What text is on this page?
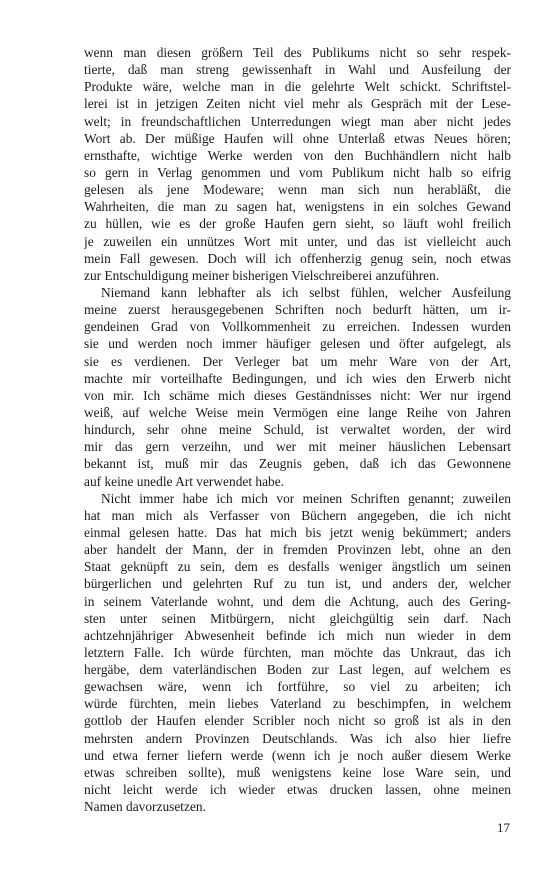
wenn man diesen größern Teil des Publikums nicht so sehr respek-
tierte, daß man streng gewissenhaft in Wahl und Ausfeilung der
Produkte wäre, welche man in die gelehrte Welt schickt. Schriftstel-
lerei ist in jetzigen Zeiten nicht viel mehr als Gespräch mit der Lese-
welt; in freundschaftlichen Unterredungen wiegt man aber nicht jedes
Wort ab. Der müßige Haufen will ohne Unterlaß etwas Neues hören;
ernsthafte, wichtige Werke werden von den Buchhändlern nicht halb
so gern in Verlag genommen und vom Publikum nicht halb so eifrig
gelesen als jene Modeware; wenn man sich nun herabläßt, die
Wahrheiten, die man zu sagen hat, wenigstens in ein solches Gewand
zu hüllen, wie es der große Haufen gern sieht, so läuft wohl freilich
je zuweilen ein unnützes Wort mit unter, und das ist vielleicht auch
mein Fall gewesen. Doch will ich offenherzig genug sein, noch etwas
zur Entschuldigung meiner bisherigen Vielschreiberei anzuführen.
Niemand kann lebhafter als ich selbst fühlen, welcher Ausfeilung
meine zuerst herausgegebenen Schriften noch bedurft hätten, um ir-
gendeinen Grad von Vollkommenheit zu erreichen. Indessen wurden
sie und werden noch immer häufiger gelesen und öfter aufgelegt, als
sie es verdienen. Der Verleger bat um mehr Ware von der Art,
machte mir vorteilhafte Bedingungen, und ich wies den Erwerb nicht
von mir. Ich schäme mich dieses Geständnisses nicht: Wer nur irgend
weiß, auf welche Weise mein Vermögen eine lange Reihe von Jahren
hindurch, sehr ohne meine Schuld, ist verwaltet worden, der wird
mir das gern verzeihn, und wer mit meiner häuslichen Lebensart
bekannt ist, muß mir das Zeugnis geben, daß ich das Gewonnene
auf keine unedle Art verwendet habe.
Nicht immer habe ich mich vor meinen Schriften genannt; zuweilen
hat man mich als Verfasser von Büchern angegeben, die ich nicht
einmal gelesen hatte. Das hat mich bis jetzt wenig bekümmert; anders
aber handelt der Mann, der in fremden Provinzen lebt, ohne an den
Staat geknüpft zu sein, dem es desfalls weniger ängstlich um seinen
bürgerlichen und gelehrten Ruf zu tun ist, und anders der, welcher
in seinem Vaterlande wohnt, und dem die Achtung, auch des Gering-
sten unter seinen Mitbürgern, nicht gleichgültig sein darf. Nach
achtzehnjähriger Abwesenheit befinde ich mich nun wieder in dem
letztern Falle. Ich würde fürchten, man möchte das Unkraut, das ich
hergäbe, dem vaterländischen Boden zur Last legen, auf welchem es
gewachsen wäre, wenn ich fortführe, so viel zu arbeiten; ich
würde fürchten, mein liebes Vaterland zu beschimpfen, in welchem
gottlob der Haufen elender Scribler noch nicht so groß ist als in den
mehrsten andern Provinzen Deutschlands. Was ich also hier liefre
und etwa ferner liefern werde (wenn ich je noch außer diesem Werke
etwas schreiben sollte), muß wenigstens keine lose Ware sein, und
nicht leicht werde ich wieder etwas drucken lassen, ohne meinen
Namen davorzusetzen.
17
